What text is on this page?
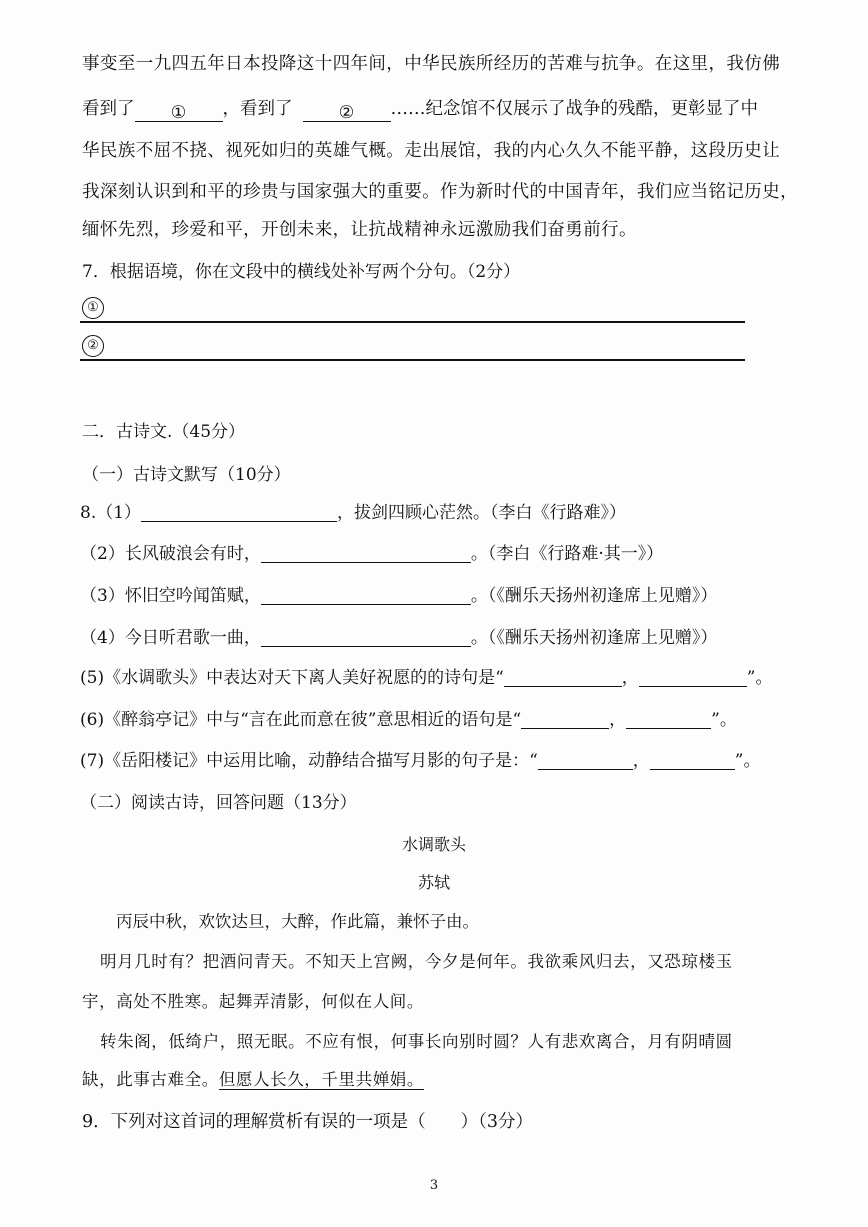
事变至一九四五年日本投降这十四年间，中华民族所经历的苦难与抗争。在这里，我仿佛
看到了 ① ，看到了	② ……纪念馆不仅展示了战争的残酷，更彰显了中
华民族不屈不挠、视死如归的英雄气概。走出展馆，我的内心久久不能平静，这段历史让
我深刻认识到和平的珍贵与国家强大的重要。作为新时代的中国青年，我们应当铭记历史，
缅怀先烈，珍爱和平，开创未来，让抗战精神永远激励我们奋勇前行。
7．根据语境，你在文段中的横线处补写两个分句。（2分）
①
②
二．古诗文.（45分）
（一）古诗文默写（10分）
8.（1）	，拔剑四顾心茫然。（李白《行路难》）
（2）长风破浪会有时，	。（李白《行路难·其一》）
（3）怀旧空吟闻笛赋，	。（《酬乐天扬州初逢席上见赠》）
（4）今日听君歌一曲，	。（《酬乐天扬州初逢席上见赠》）
(5)《水调歌头》中表达对天下离人美好祝愿的的诗句是“	，	”。
(6)《醉翁亭记》中与“言在此而意在彼”意思相近的语句是“	，	”。
(7)《岳阳楼记》中运用比喻，动静结合描写月影的句子是：“	，	”。
（二）阅读古诗，回答问题（13分）
水调歌头
苏轼
丙辰中秋，欢饮达旦，大醉，作此篇，兼怀子由。
明月几时有？把酒问青天。不知天上宫阙，今夕是何年。我欲乘风归去，又恐琼楼玉
宇，高处不胜寒。起舞弄清影，何似在人间。
转朱阁，低绮户，照无眠。不应有恨，何事长向别时圆？人有悲欢离合，月有阴晴圆
缺，此事古难全。但愿人长久，千里共婵娟。
9．下列对这首词的理解赏析有误的一项是（　　）（3分）
3
